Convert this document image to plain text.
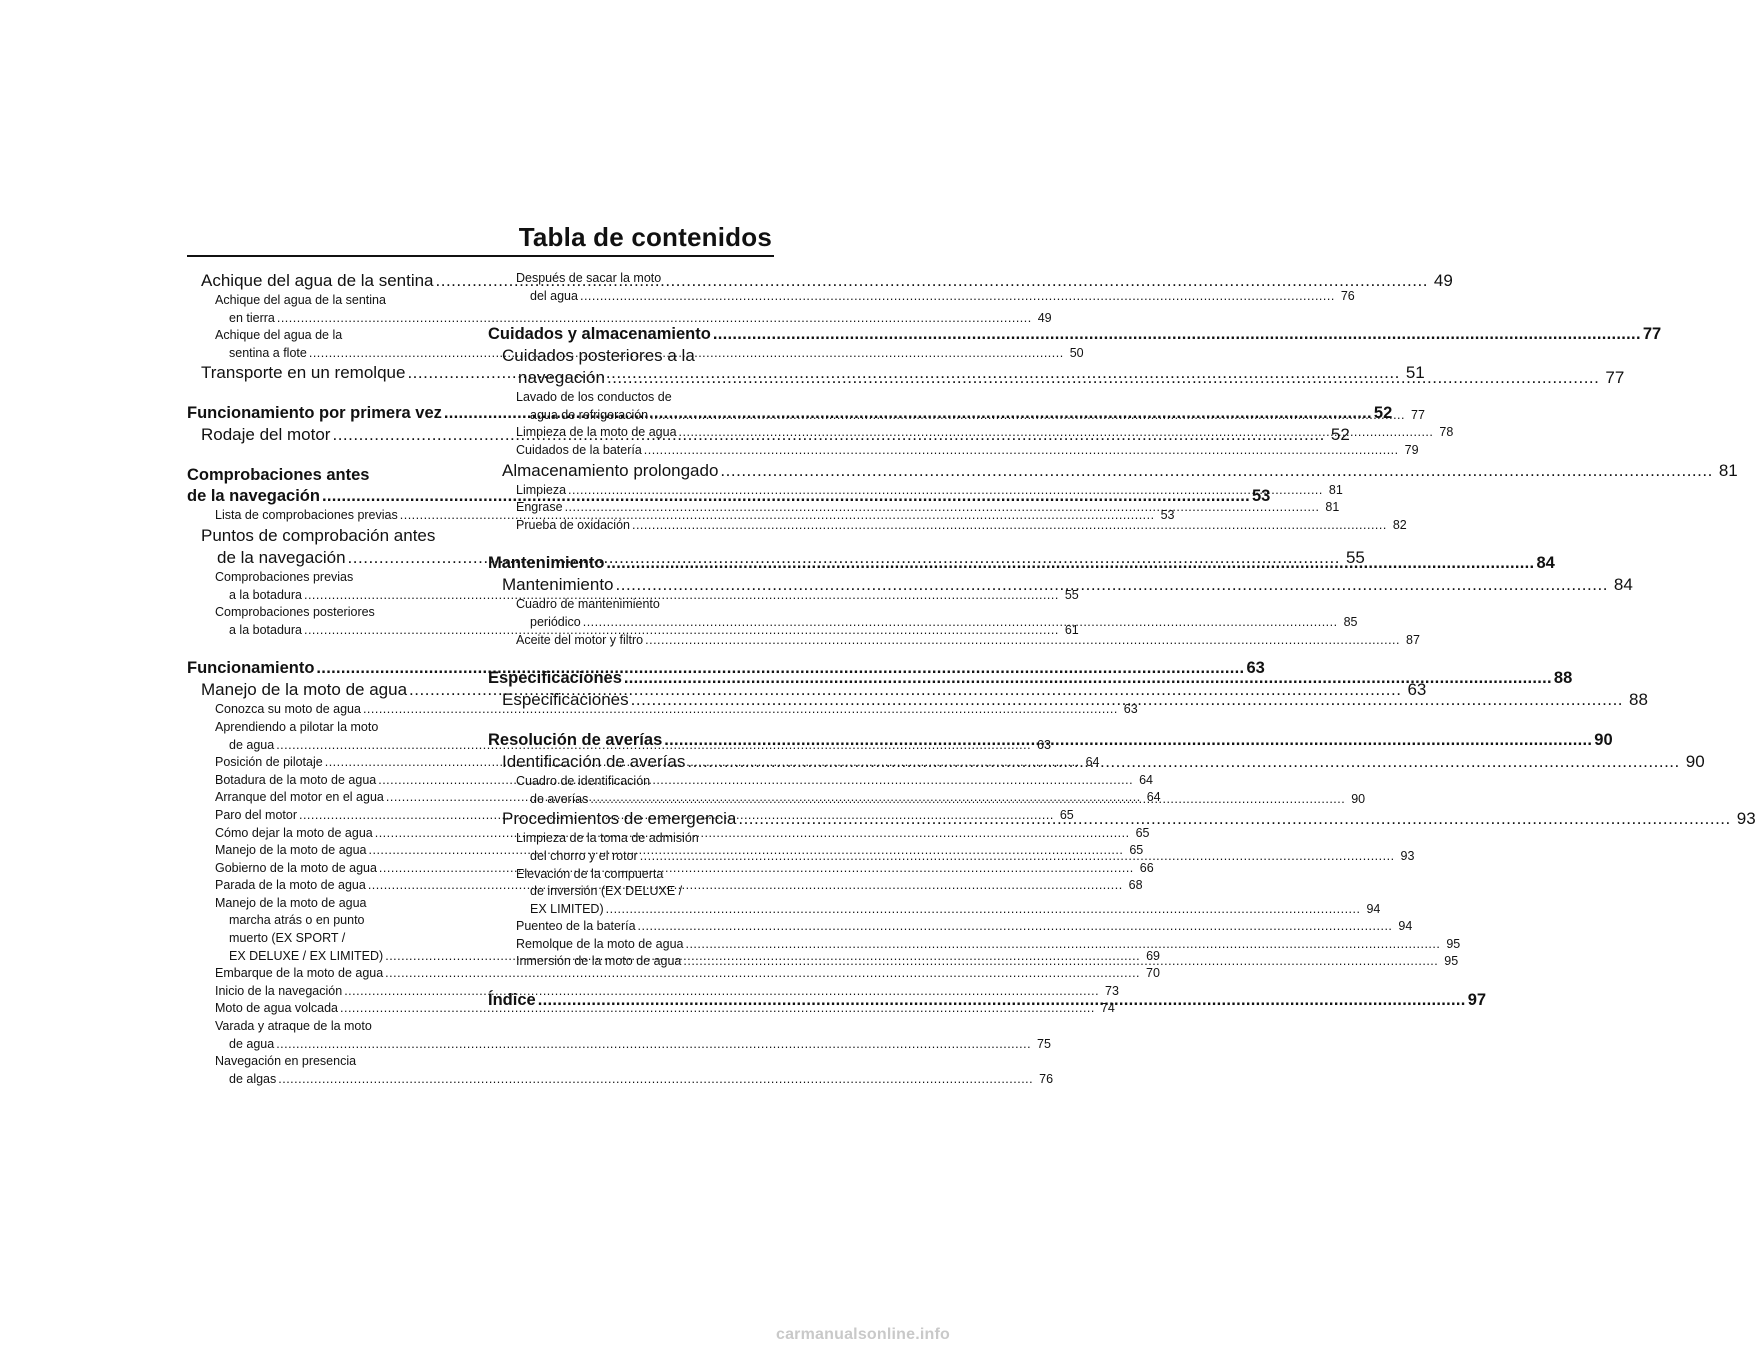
Tabla de contenidos
Achique del agua de la sentina .....	49
Achique del agua de la sentina
en tierra .....	49
Achique del agua de la
sentina a flote .....	50
Transporte en un remolque .....	51
Funcionamiento por primera vez .....	52
Rodaje del motor .....	52
Comprobaciones antes
de la navegación .....	53
Lista de comprobaciones previas .....	53
Puntos de comprobación antes
de la navegación .....	55
Comprobaciones previas
a la botadura .....	55
Comprobaciones posteriores
a la botadura .....	61
Funcionamiento .....	63
Manejo de la moto de agua .....	63
Conozca su moto de agua .....	63
Aprendiendo a pilotar la moto
de agua .....	63
Posición de pilotaje .....	64
Botadura de la moto de agua .....	64
Arranque del motor en el agua .....	64
Paro del motor .....	65
Cómo dejar la moto de agua .....	65
Manejo de la moto de agua .....	65
Gobierno de la moto de agua .....	66
Parada de la moto de agua .....	68
Manejo de la moto de agua
marcha atrás o en punto
muerto (EX SPORT /
EX DELUXE / EX LIMITED) .....	69
Embarque de la moto de agua .....	70
Inicio de la navegación .....	73
Moto de agua volcada .....	74
Varada y atraque de la moto
de agua .....	75
Navegación en presencia
de algas .....	76
Después de sacar la moto
del agua .....	76
Cuidados y almacenamiento .....	77
Cuidados posteriores a la
navegación .....	77
Lavado de los conductos de
agua de refrigeración .....	77
Limpieza de la moto de agua .....	78
Cuidados de la batería .....	79
Almacenamiento prolongado .....	81
Limpieza .....	81
Engrase .....	81
Prueba de oxidación .....	82
Mantenimiento .....	84
Mantenimiento .....	84
Cuadro de mantenimiento
periódico .....	85
Aceite del motor y filtro .....	87
Especificaciones .....	88
Especificaciones .....	88
Resolución de averías .....	90
Identificación de averías .....	90
Cuadro de identificación
de averías .....	90
Procedimientos de emergencia .....	93
Limpieza de la toma de admisión
del chorro y el rotor .....	93
Elevación de la compuerta
de inversión (EX DELUXE /
EX LIMITED) .....	94
Puenteo de la batería .....	94
Remolque de la moto de agua .....	95
Inmersión de la moto de agua .....	95
Índice .....	97
carmanualsonline.info
